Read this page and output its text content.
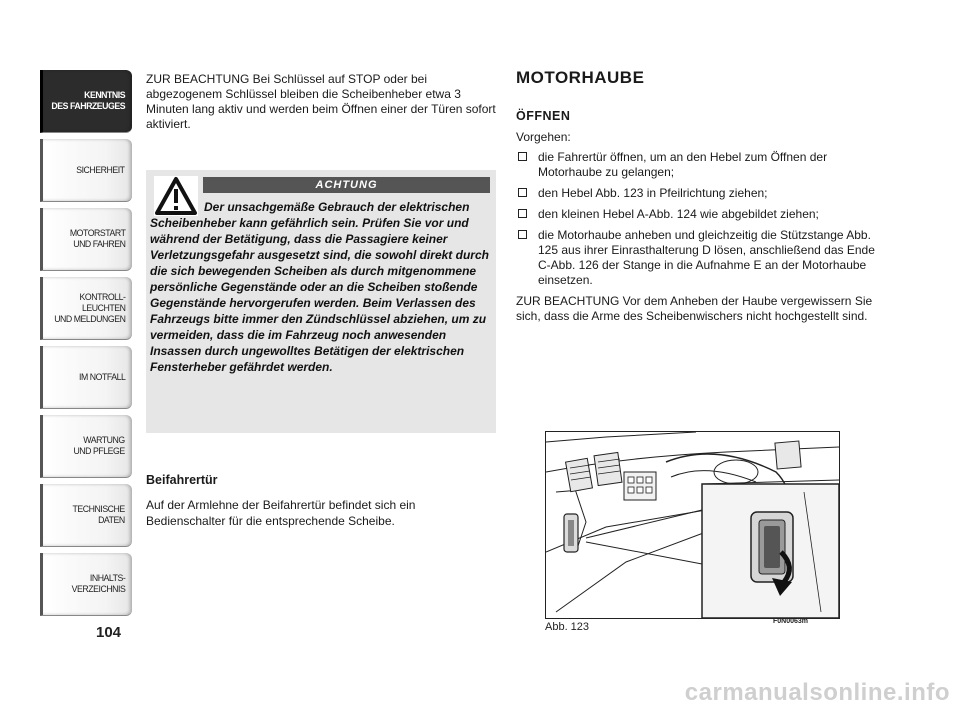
KENNTNIS
DES FAHRZEUGES
SICHERHEIT
MOTORSTART
UND FAHREN
KONTROLL-
LEUCHTEN
UND MELDUNGEN
IM NOTFALL
WARTUNG
UND PFLEGE
TECHNISCHE
DATEN
INHALTS-
VERZEICHNIS
104

ZUR BEACHTUNG Bei Schlüssel auf STOP oder bei abgezogenem Schlüssel bleiben die Scheibenheber etwa 3 Minuten lang aktiv und werden beim Öffnen einer der Türen sofort aktiviert.

ACHTUNG

Der unsachgemäße Gebrauch der elektrischen Scheibenheber kann gefährlich sein. Prüfen Sie vor und während der Betätigung, dass die Passagiere keiner Verletzungsgefahr ausgesetzt sind, die sowohl direkt durch die sich bewegenden Scheiben als durch mitgenommene persönliche Gegenstände oder an die Scheiben stoßende Gegenstände hervorgerufen werden. Beim Verlassen des Fahrzeugs bitte immer den Zündschlüssel abziehen, um zu vermeiden, dass die im Fahrzeug noch anwesenden Insassen durch ungewolltes Betätigen der elektrischen Fensterheber gefährdet werden.

Beifahrertür

Auf der Armlehne der Beifahrertür befindet sich ein Bedienschalter für die entsprechende Scheibe.

MOTORHAUBE
ÖFFNEN

Vorgehen:

die Fahrertür öffnen, um an den Hebel zum Öffnen der Motorhaube zu gelangen;
den Hebel Abb. 123 in Pfeilrichtung ziehen;
den kleinen Hebel A-Abb. 124 wie abgebildet ziehen;
die Motorhaube anheben und gleichzeitig die Stützstange Abb. 125 aus ihrer Einrasthalterung D lösen, anschließend das Ende C-Abb. 126 der Stange in die Aufnahme E an der Motorhaube einsetzen.

ZUR BEACHTUNG Vor dem Anheben der Haube vergewissern Sie sich, dass die Arme des Scheibenwischers nicht hochgestellt sind.

F0N0063m
Abb. 123
carmanualsonline.info
